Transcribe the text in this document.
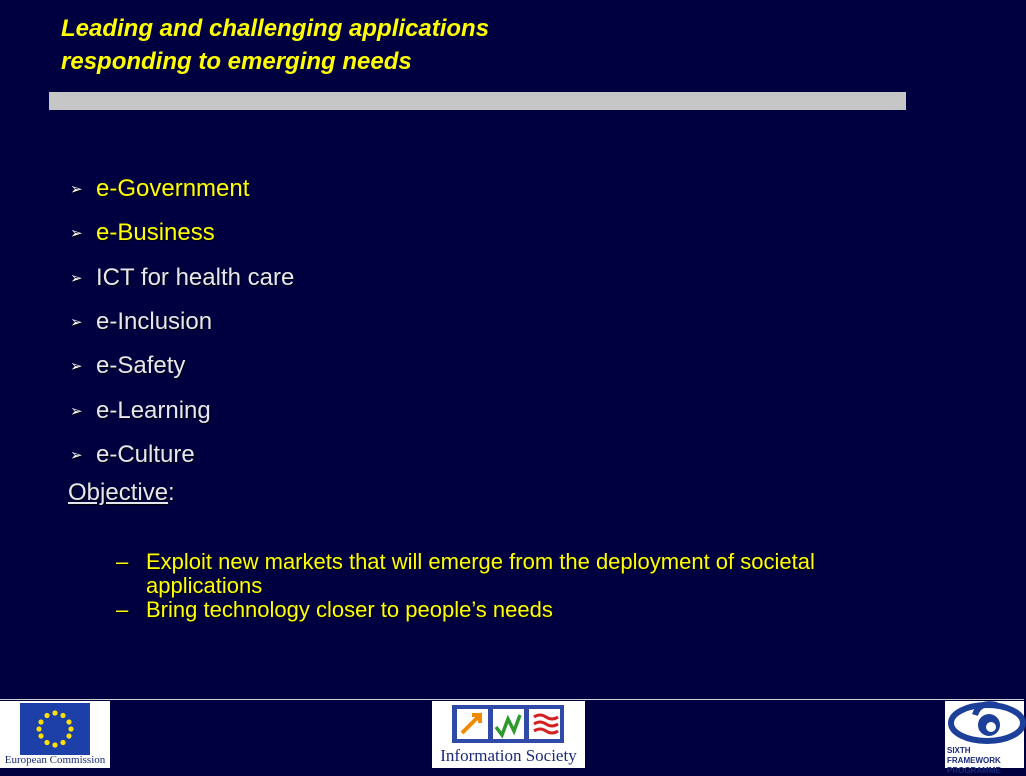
Leading and challenging applications
responding to emerging needs
➢ e-Government
➢ e-Business
➢ ICT for health care
➢ e-Inclusion
➢ e-Safety
➢ e-Learning
➢ e-Culture
Objective:
– Exploit new markets that will emerge from the deployment of societal applications
– Bring technology closer to people’s needs
European Commission	Information Society	SIXTH FRAMEWORK PROGRAMME
